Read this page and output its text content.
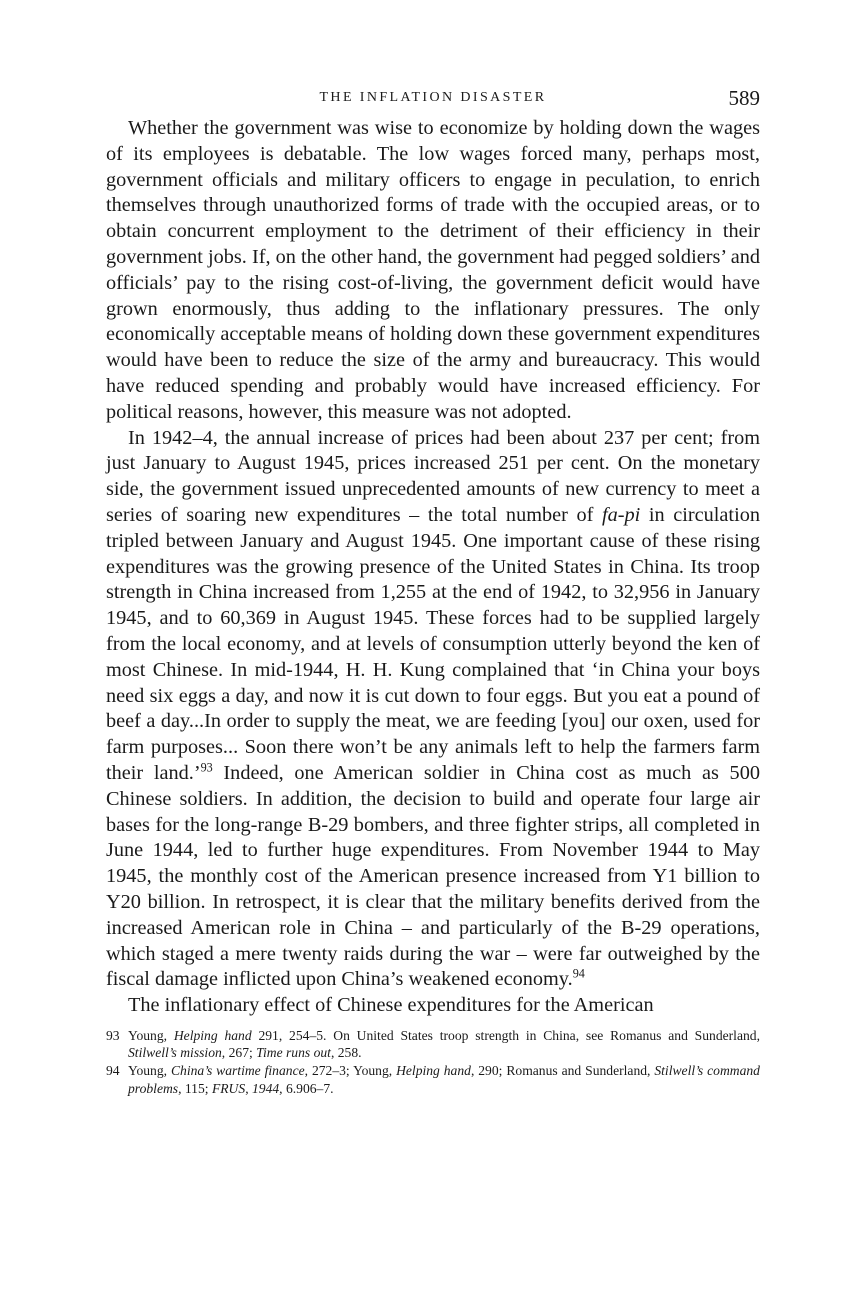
THE INFLATION DISASTER	589

Whether the government was wise to economize by holding down the wages of its employees is debatable. The low wages forced many, perhaps most, government officials and military officers to engage in peculation, to enrich themselves through unauthorized forms of trade with the occupied areas, or to obtain concurrent employment to the detriment of their efficiency in their government jobs. If, on the other hand, the government had pegged soldiers’ and officials’ pay to the rising cost-of-living, the government deficit would have grown enormously, thus adding to the inflationary pressures. The only economically acceptable means of holding down these government expenditures would have been to reduce the size of the army and bureaucracy. This would have reduced spending and probably would have increased efficiency. For political reasons, however, this measure was not adopted.

In 1942–4, the annual increase of prices had been about 237 per cent; from just January to August 1945, prices increased 251 per cent. On the monetary side, the government issued unprecedented amounts of new currency to meet a series of soaring new expenditures – the total number of fa-pi in circulation tripled between January and August 1945. One important cause of these rising expenditures was the growing presence of the United States in China. Its troop strength in China increased from 1,255 at the end of 1942, to 32,956 in January 1945, and to 60,369 in August 1945. These forces had to be supplied largely from the local economy, and at levels of consumption utterly beyond the ken of most Chinese. In mid-1944, H. H. Kung complained that ‘in China your boys need six eggs a day, and now it is cut down to four eggs. But you eat a pound of beef a day...In order to supply the meat, we are feeding [you] our oxen, used for farm purposes... Soon there won’t be any animals left to help the farmers farm their land.’$^{93}$ Indeed, one American soldier in China cost as much as 500 Chinese soldiers. In addition, the decision to build and operate four large air bases for the long-range B-29 bombers, and three fighter strips, all completed in June 1944, led to further huge expenditures. From November 1944 to May 1945, the monthly cost of the American presence increased from Y1 billion to Y20 billion. In retrospect, it is clear that the military benefits derived from the increased American role in China – and particularly of the B-29 operations, which staged a mere twenty raids during the war – were far outweighed by the fiscal damage inflicted upon China’s weakened economy.$^{94}$

The inflationary effect of Chinese expenditures for the American

93 Young, Helping hand 291, 254–5. On United States troop strength in China, see Romanus and Sunderland, Stilwell’s mission, 267; Time runs out, 258.

94 Young, China’s wartime finance, 272–3; Young, Helping hand, 290; Romanus and Sunderland, Stilwell’s command problems, 115; FRUS, 1944, 6.906–7.
